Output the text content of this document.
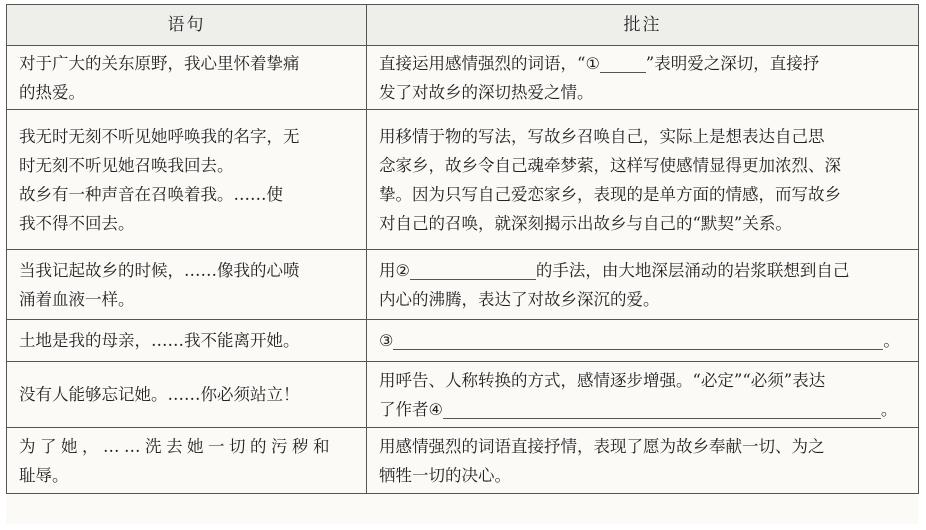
语句	批注

对于广大的关东原野，我心里怀着挚痛
的热爱。	直接运用感情强烈的词语，“① ”表明爱之深切，直接抒
发了对故乡的深切热爱之情。

我无时无刻不听见她呼唤我的名字，无
时无刻不听见她召唤我回去。
故乡有一种声音在召唤着我。……使
我不得不回去。	用移情于物的写法，写故乡召唤自己，实际上是想表达自己思
念家乡，故乡令自己魂牵梦萦，这样写使感情显得更加浓烈、深
挚。因为只写自己爱恋家乡，表现的是单方面的情感，而写故乡
对自己的召唤，就深刻揭示出故乡与自己的“默契”关系。

当我记起故乡的时候，……像我的心喷
涌着血液一样。	用② 的手法，由大地深层涌动的岩浆联想到自己
内心的沸腾，表达了对故乡深沉的爱。

土地是我的母亲，……我不能离开她。	③ 。

没有人能够忘记她。……你必须站立！	用呼告、人称转换的方式，感情逐步增强。“必定”“必须”表达
了作者④ 。

为了她，……洗去她一切的污秽和
耻辱。	用感情强烈的词语直接抒情，表现了愿为故乡奉献一切、为之
牺牲一切的决心。
